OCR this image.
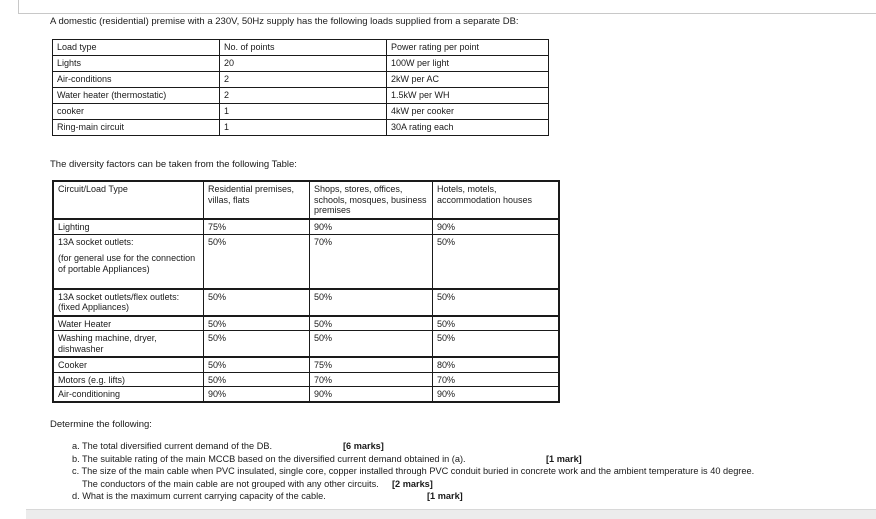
A domestic (residential) premise with a 230V, 50Hz supply has the following loads supplied from a separate DB:
Load type	No. of points	Power rating per point
Lights	20	100W per light
Air-conditions	2	2kW per AC
Water heater (thermostatic)	2	1.5kW per WH
cooker	1	4kW per cooker
Ring-main circuit	1	30A rating each
The diversity factors can be taken from the following Table:
Circuit/Load Type	Residential premises, villas, flats	Shops, stores, offices, schools, mosques, business premises	Hotels, motels, accommodation houses
Lighting	75%	90%	90%

13A socket outlets:
(for general use for the connection of portable Appliances)	50%	70%	50%
13A socket outlets/flex outlets: (fixed Appliances)	50%	50%	50%
Water Heater	50%	50%	50%
Washing machine, dryer, dishwasher	50%	50%	50%
Cooker	50%	75%	80%
Motors (e.g. lifts)	50%	70%	70%
Air-conditioning	90%	90%	90%
Determine the following:
a. The total diversified current demand of the DB.	[6 marks]
b. The suitable rating of the main MCCB based on the diversified current demand obtained in (a).	[1 mark]
c. The size of the main cable when PVC insulated, single core, copper installed through PVC conduit buried in concrete work and the ambient temperature is 40 degree.
The conductors of the main cable are not grouped with any other circuits. [2 marks]
d. What is the maximum current carrying capacity of the cable.	[1 mark]
